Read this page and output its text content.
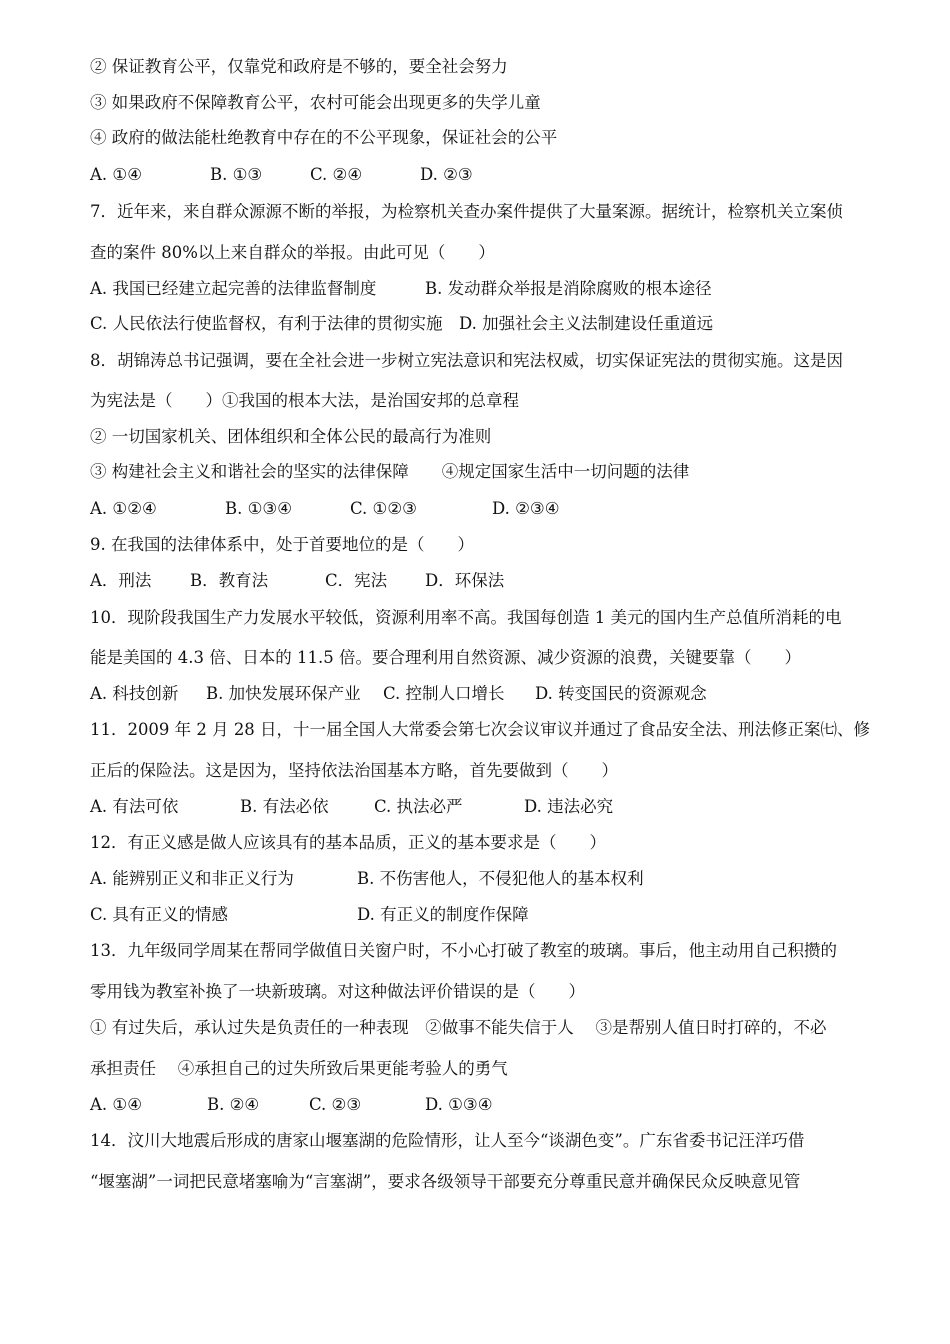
② 保证教育公平，仅靠党和政府是不够的，要全社会努力
③ 如果政府不保障教育公平，农村可能会出现更多的失学儿童
④ 政府的做法能杜绝教育中存在的不公平现象，保证社会的公平
A. ①④	B. ①③	C. ②④	D. ②③
7．近年来，来自群众源源不断的举报，为检察机关查办案件提供了大量案源。据统计，检察机关立案侦
查的案件 80%以上来自群众的举报。由此可见（　　）
A. 我国已经建立起完善的法律监督制度	B. 发动群众举报是消除腐败的根本途径
C. 人民依法行使监督权，有利于法律的贯彻实施　D. 加强社会主义法制建设任重道远
8．胡锦涛总书记强调，要在全社会进一步树立宪法意识和宪法权威，切实保证宪法的贯彻实施。这是因
为宪法是（　　）①我国的根本大法，是治国安邦的总章程
② 一切国家机关、团体组织和全体公民的最高行为准则
③ 构建社会主义和谐社会的坚实的法律保障　　④规定国家生活中一切问题的法律
A. ①②④	B. ①③④	C. ①②③	D. ②③④
9. 在我国的法律体系中，处于首要地位的是（　　）
A．刑法	B．教育法	C．宪法	D．环保法
10．现阶段我国生产力发展水平较低，资源利用率不高。我国每创造 1 美元的国内生产总值所消耗的电
能是美国的 4.3 倍、日本的 11.5 倍。要合理利用自然资源、减少资源的浪费，关键要靠（　　）
A. 科技创新	B. 加快发展环保产业	C. 控制人口增长	D. 转变国民的资源观念
11．2009 年 2 月 28 日，十一届全国人大常委会第七次会议审议并通过了食品安全法、刑法修正案㈦、修
正后的保险法。这是因为，坚持依法治国基本方略，首先要做到（　　）
A. 有法可依	B. 有法必依	C. 执法必严	D. 违法必究
12．有正义感是做人应该具有的基本品质，正义的基本要求是（　　）
A. 能辨别正义和非正义行为	B. 不伤害他人，不侵犯他人的基本权利
C. 具有正义的情感	D. 有正义的制度作保障
13．九年级同学周某在帮同学做值日关窗户时，不小心打破了教室的玻璃。事后，他主动用自己积攒的
零用钱为教室补换了一块新玻璃。对这种做法评价错误的是（　　）
① 有过失后，承认过失是负责任的一种表现　②做事不能失信于人　 ③是帮别人值日时打碎的，不必
承担责任　 ④承担自己的过失所致后果更能考验人的勇气
A. ①④	B. ②④	C. ②③	D. ①③④
14．汶川大地震后形成的唐家山堰塞湖的危险情形，让人至今“谈湖色变”。广东省委书记汪洋巧借
“堰塞湖”一词把民意堵塞喻为“言塞湖”，要求各级领导干部要充分尊重民意并确保民众反映意见管
